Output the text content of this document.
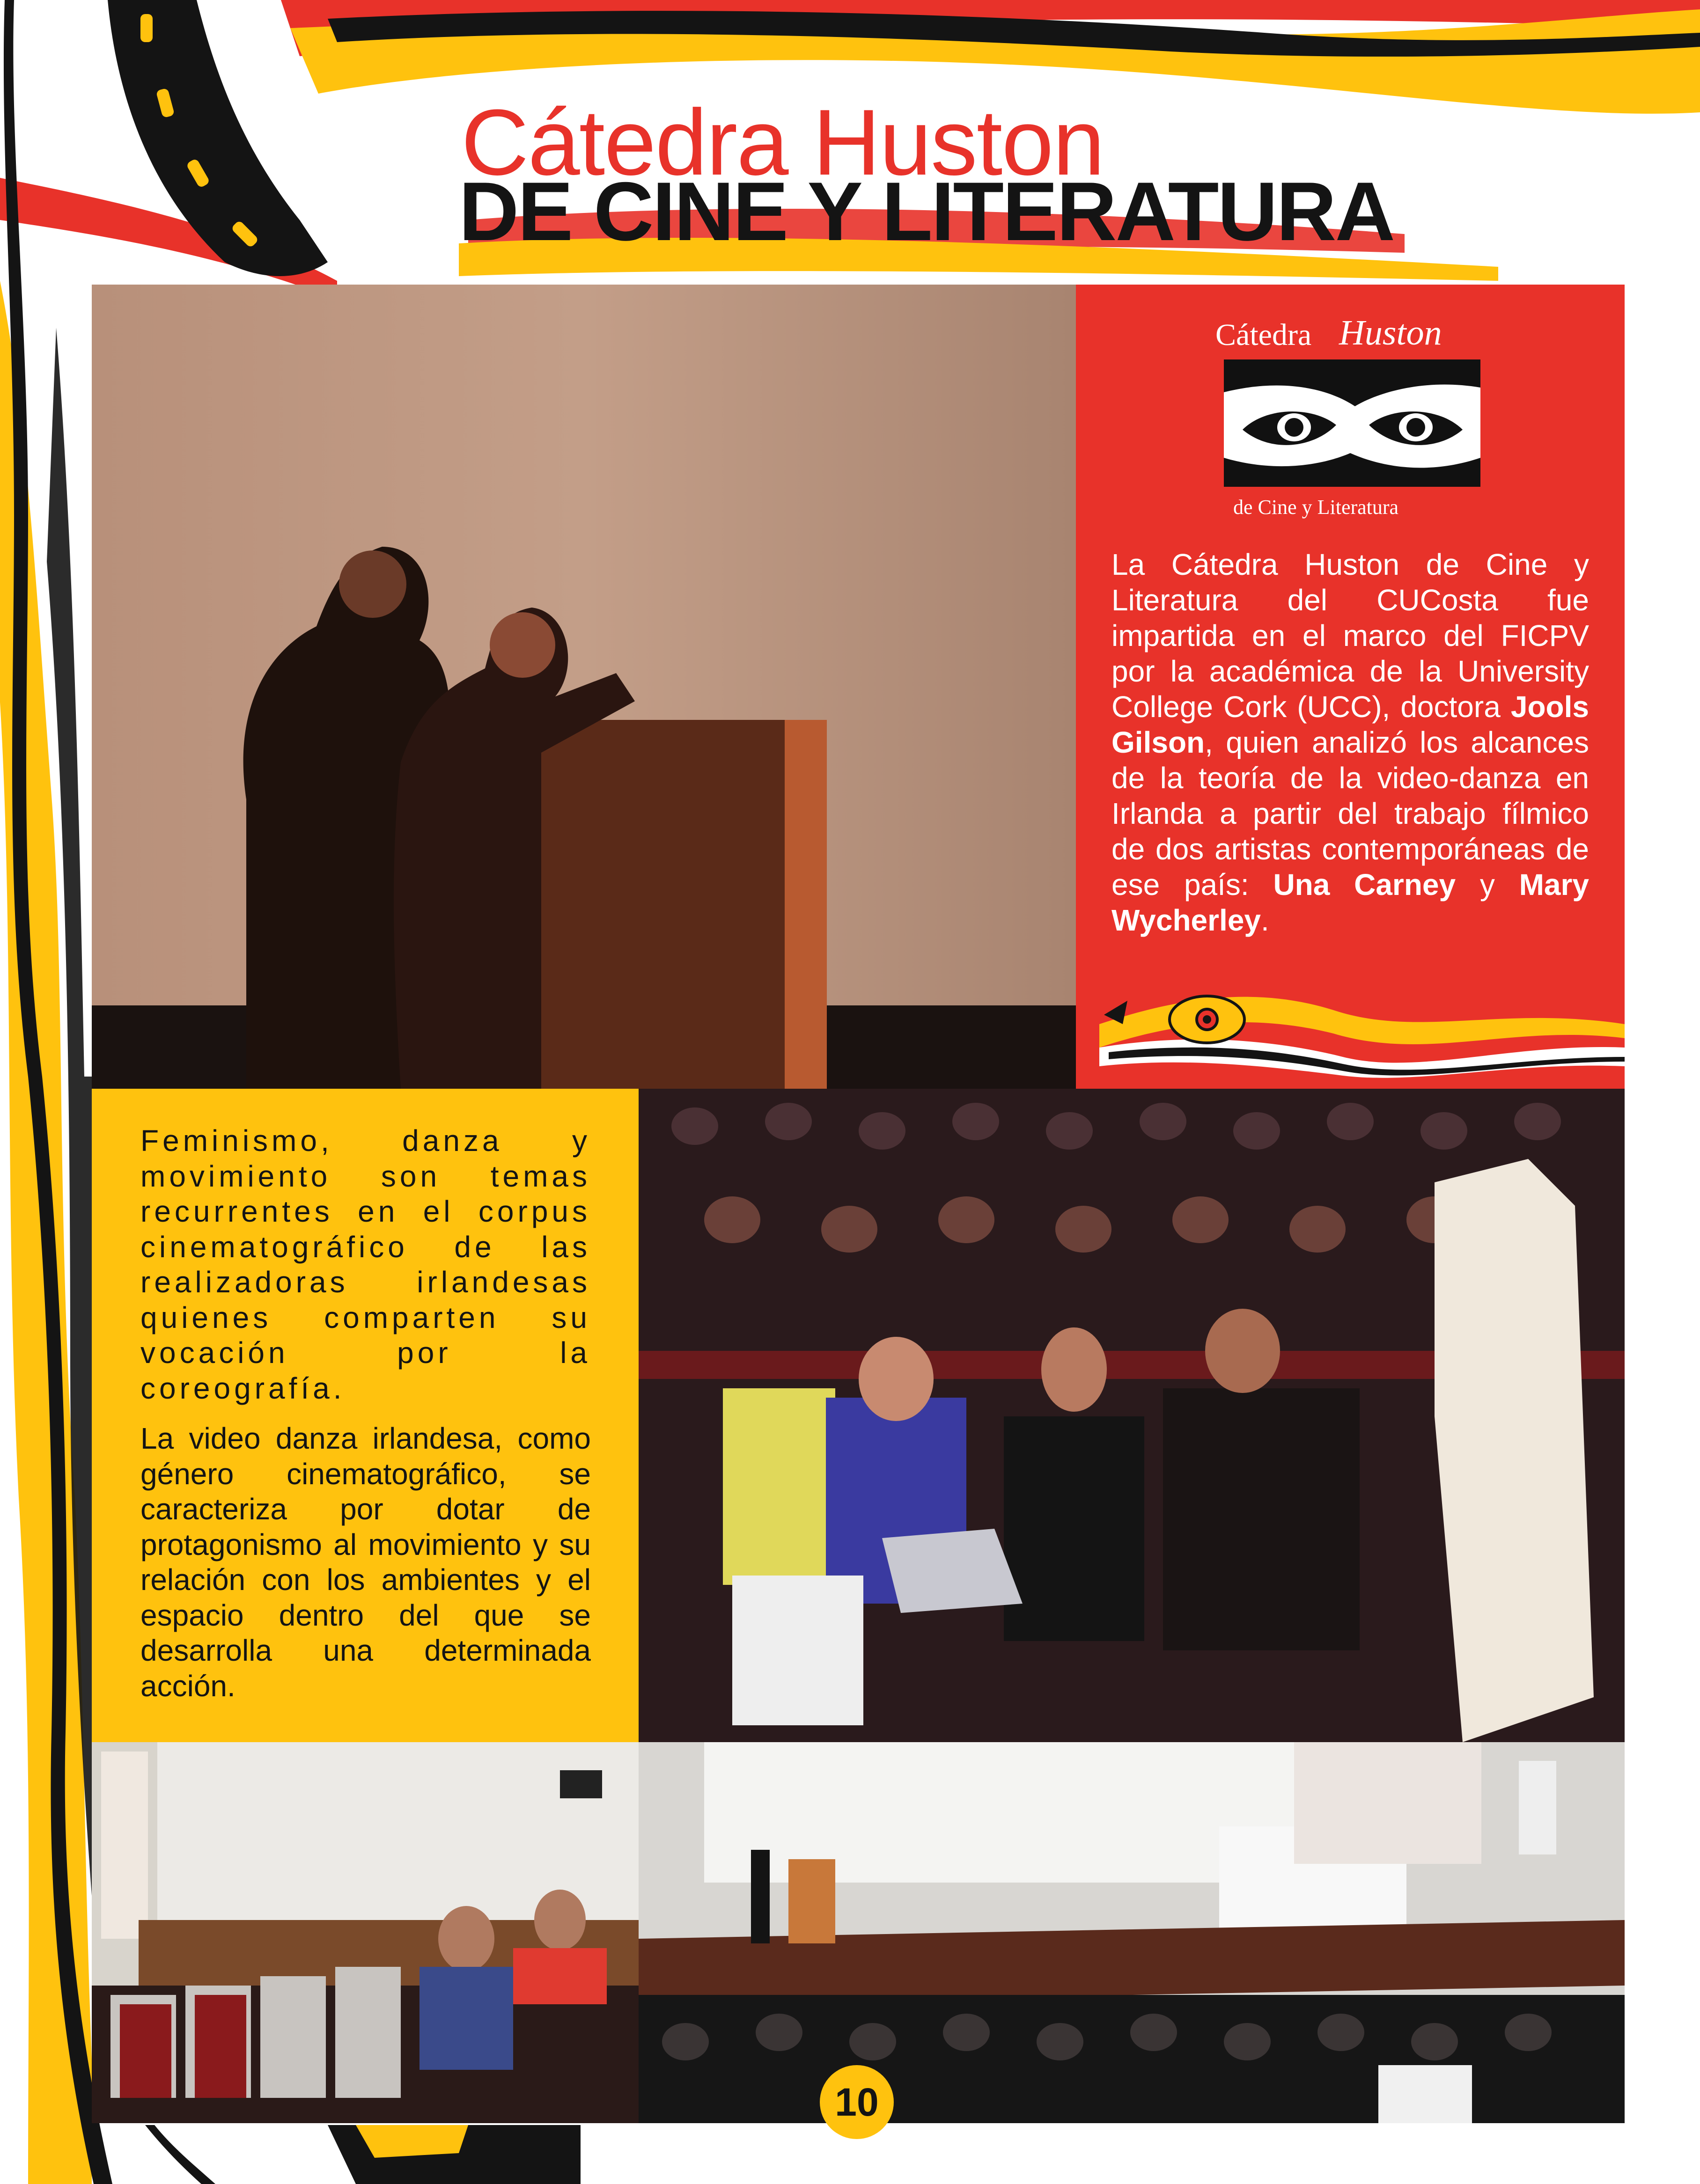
Cátedra Huston
DE CINE Y LITERATURA
Cátedra Huston
de Cine y Literatura

La Cátedra Huston de Cine y Literatura del CUCosta fue impartida en el marco del FICPV por la académica de la University College Cork (UCC), doctora Jools Gilson, quien analizó los alcances de la teoría de la video-danza en Irlanda a partir del trabajo fílmico de dos artistas contemporáneas de ese país: Una Carney y Mary Wycherley.

Feminismo, danza y movimiento son temas recurrentes en el corpus cinematográfico de las realizadoras irlandesas quienes comparten su vocación por la coreografía.

La video danza irlandesa, como género cinematográfico, se caracteriza por dotar de protagonismo al movimiento y su relación con los ambientes y el espacio dentro del que se desarrolla una determinada acción.

10
